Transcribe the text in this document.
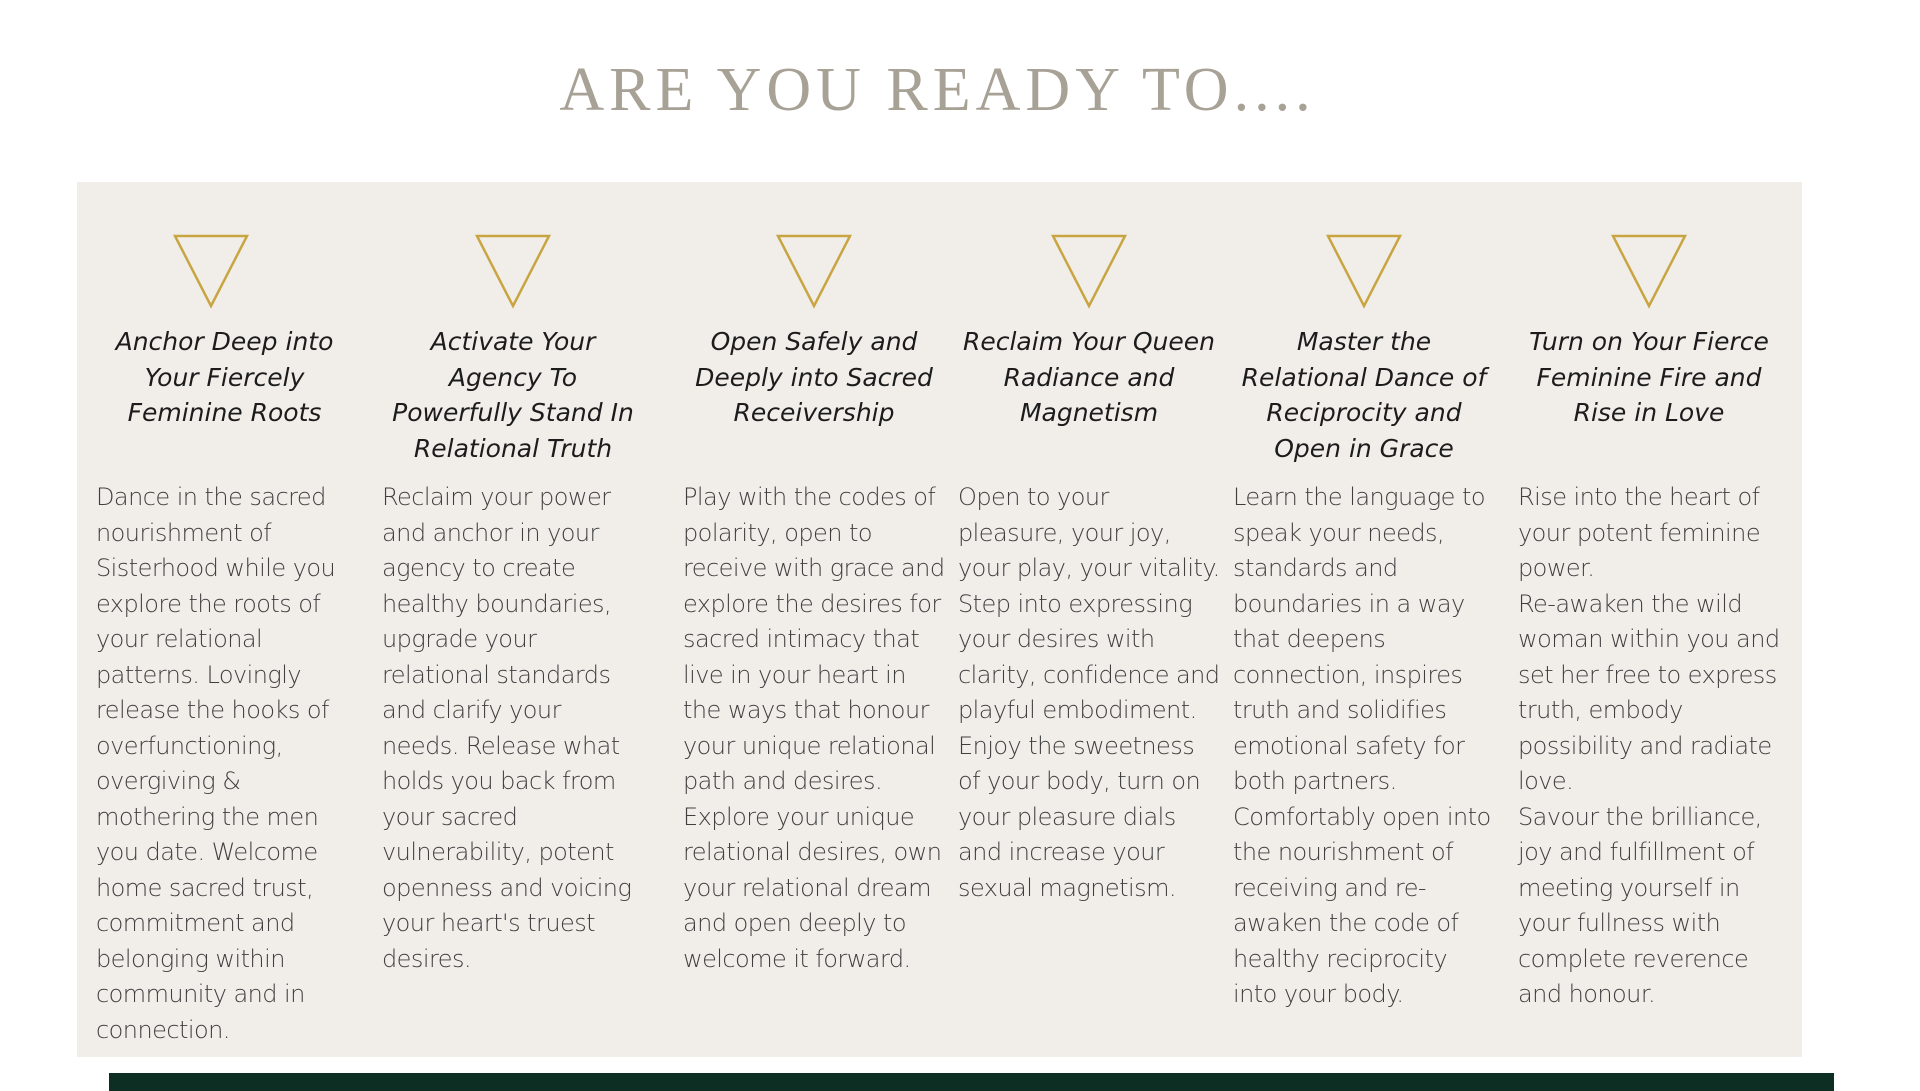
ARE YOU READY TO....
Anchor Deep into Your Fiercely Feminine Roots
Dance in the sacred nourishment of Sisterhood while you explore the roots of your relational patterns. Lovingly release the hooks of overfunctioning, overgiving & mothering the men you date. Welcome home sacred trust, commitment and belonging within community and in connection.
Activate Your Agency To Powerfully Stand In Relational Truth
Reclaim your power and anchor in your agency to create healthy boundaries, upgrade your relational standards and clarify your needs. Release what holds you back from your sacred vulnerability, potent openness and voicing your heart's truest desires.
Open Safely and Deeply into Sacred Receivership
Play with the codes of polarity, open to receive with grace and explore the desires for sacred intimacy that live in your heart in the ways that honour your unique relational path and desires. Explore your unique relational desires, own your relational dream and open deeply to welcome it forward.
Reclaim Your Queen Radiance and Magnetism
Open to your pleasure, your joy, your play, your vitality. Step into expressing your desires with clarity, confidence and playful embodiment.
Enjoy the sweetness of your body, turn on your pleasure dials and increase your sexual magnetism.
Master the Relational Dance of Reciprocity and Open in Grace
Learn the language to speak your needs, standards and boundaries in a way that deepens connection, inspires truth and solidifies emotional safety for both partners. Comfortably open into the nourishment of receiving and re-awaken the code of healthy reciprocity into your body.
Turn on Your Fierce Feminine Fire and Rise in Love
Rise into the heart of your potent feminine power.
Re-awaken the wild woman within you and set her free to express truth, embody possibility and radiate love.
Savour the brilliance, joy and fulfillment of meeting yourself in your fullness with complete reverence and honour.
